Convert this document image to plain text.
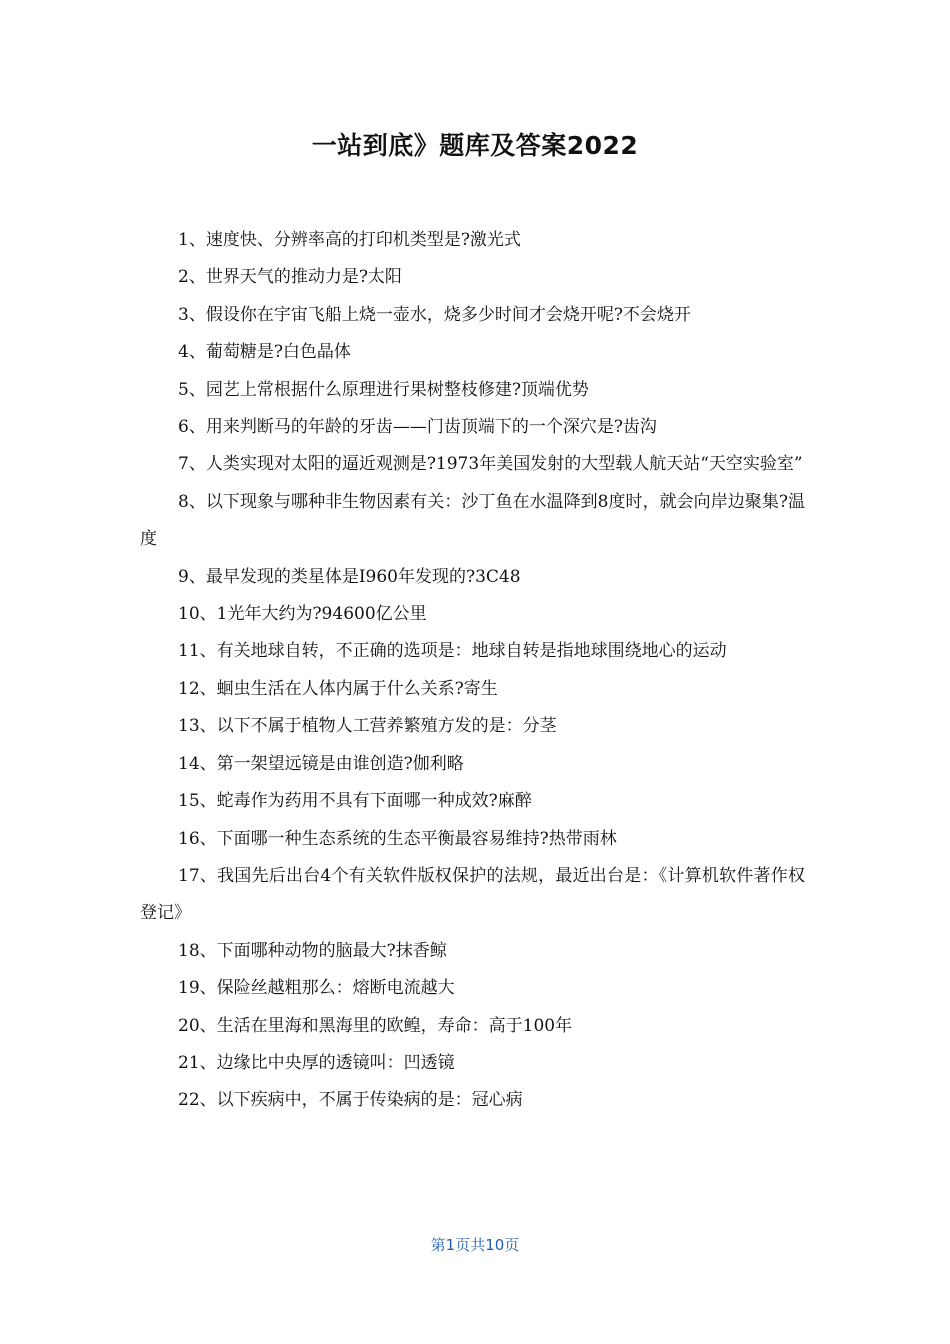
一站到底》题库及答案2022

1、速度快、分辨率高的打印机类型是?激光式

2、世界天气的推动力是?太阳

3、假设你在宇宙飞船上烧一壶水，烧多少时间才会烧开呢?不会烧开

4、葡萄糖是?白色晶体

5、园艺上常根据什么原理进行果树整枝修建?顶端优势

6、用来判断马的年龄的牙齿——门齿顶端下的一个深穴是?齿沟

7、人类实现对太阳的逼近观测是?1973年美国发射的大型载人航天站“天空实验室”

8、以下现象与哪种非生物因素有关：沙丁鱼在水温降到8度时，就会向岸边聚集?温度

9、最早发现的类星体是I960年发现的?3C48

10、1光年大约为?94600亿公里

11、有关地球自转，不正确的选项是：地球自转是指地球围绕地心的运动

12、蛔虫生活在人体内属于什么关系?寄生

13、以下不属于植物人工营养繁殖方发的是：分茎

14、第一架望远镜是由谁创造?伽利略

15、蛇毒作为药用不具有下面哪一种成效?麻醉

16、下面哪一种生态系统的生态平衡最容易维持?热带雨林

17、我国先后出台4个有关软件版权保护的法规，最近出台是：《计算机软件著作权登记》

18、下面哪种动物的脑最大?抹香鲸

19、保险丝越粗那么：熔断电流越大

20、生活在里海和黑海里的欧鳇，寿命：高于100年

21、边缘比中央厚的透镜叫：凹透镜

22、以下疾病中，不属于传染病的是：冠心病

第1页共10页
